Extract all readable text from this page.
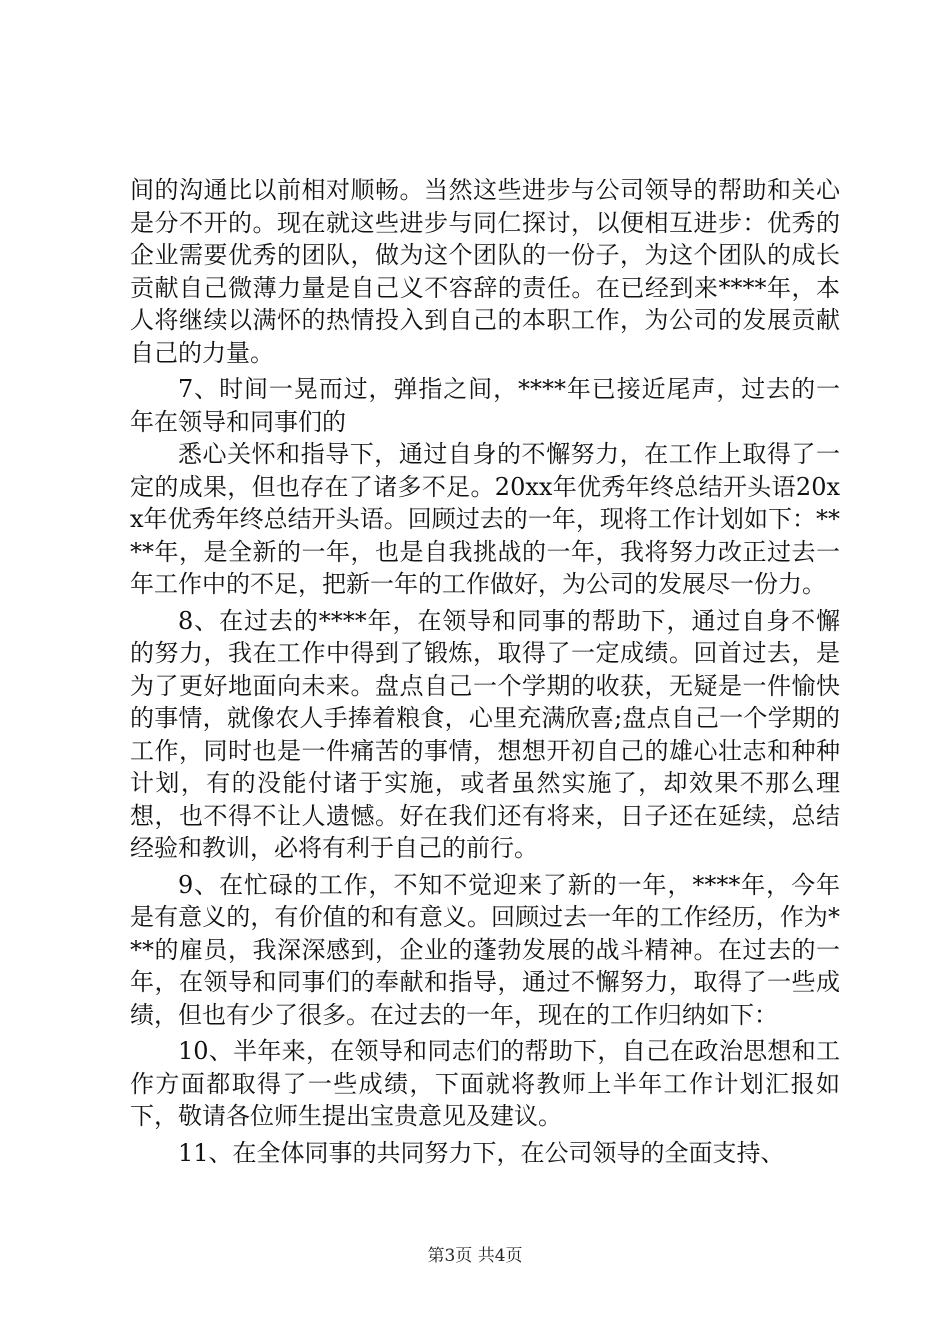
间的沟通比以前相对顺畅。当然这些进步与公司领导的帮助和关心是分不开的。现在就这些进步与同仁探讨，以便相互进步：优秀的企业需要优秀的团队，做为这个团队的一份子，为这个团队的成长贡献自己微薄力量是自己义不容辞的责任。在已经到来****年，本人将继续以满怀的热情投入到自己的本职工作，为公司的发展贡献自己的力量。

7、时间一晃而过，弹指之间，****年已接近尾声，过去的一年在领导和同事们的

悉心关怀和指导下，通过自身的不懈努力，在工作上取得了一定的成果，但也存在了诸多不足。20xx年优秀年终总结开头语20xx年优秀年终总结开头语。回顾过去的一年，现将工作计划如下：****年，是全新的一年，也是自我挑战的一年，我将努力改正过去一年工作中的不足，把新一年的工作做好，为公司的发展尽一份力。

8、在过去的****年，在领导和同事的帮助下，通过自身不懈的努力，我在工作中得到了锻炼，取得了一定成绩。回首过去，是为了更好地面向未来。盘点自己一个学期的收获，无疑是一件愉快的事情，就像农人手捧着粮食，心里充满欣喜;盘点自己一个学期的工作，同时也是一件痛苦的事情，想想开初自己的雄心壮志和种种计划，有的没能付诸于实施，或者虽然实施了，却效果不那么理想，也不得不让人遗憾。好在我们还有将来，日子还在延续，总结经验和教训，必将有利于自己的前行。

9、在忙碌的工作，不知不觉迎来了新的一年，****年，今年是有意义的，有价值的和有意义。回顾过去一年的工作经历，作为***的雇员，我深深感到，企业的蓬勃发展的战斗精神。在过去的一年，在领导和同事们的奉献和指导，通过不懈努力，取得了一些成绩，但也有少了很多。在过去的一年，现在的工作归纳如下：

10、半年来，在领导和同志们的帮助下，自己在政治思想和工作方面都取得了一些成绩，下面就将教师上半年工作计划汇报如下，敬请各位师生提出宝贵意见及建议。

11、在全体同事的共同努力下，在公司领导的全面支持、

第3页 共4页
